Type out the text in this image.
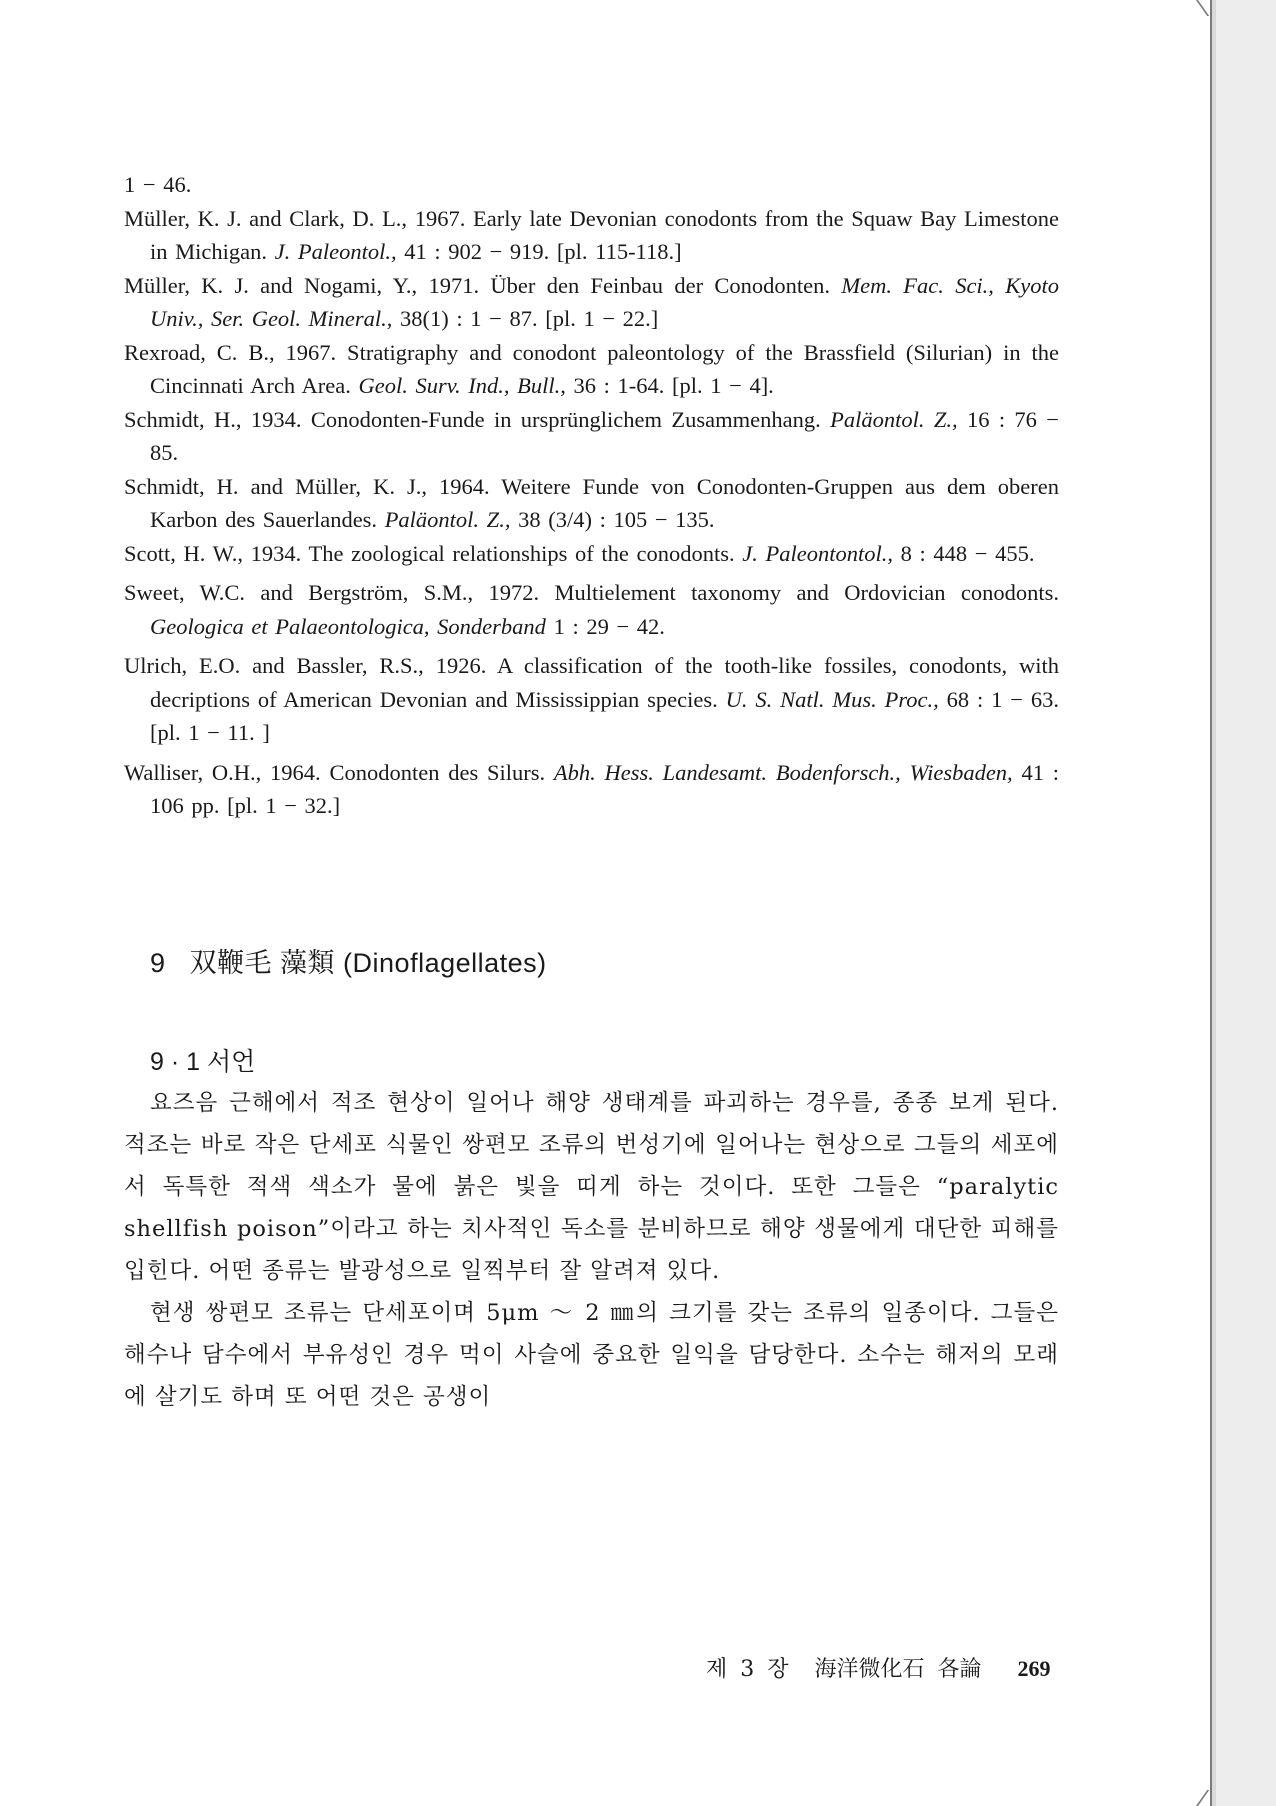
1 − 46.
Müller, K. J. and Clark, D. L., 1967. Early late Devonian conodonts from the Squaw Bay Limestone in Michigan. J. Paleontol., 41 : 902 − 919. [pl. 115-118.]
Müller, K. J. and Nogami, Y., 1971. Über den Feinbau der Conodonten. Mem. Fac. Sci., Kyoto Univ., Ser. Geol. Mineral., 38(1) : 1 − 87. [pl. 1 − 22.]
Rexroad, C. B., 1967. Stratigraphy and conodont paleontology of the Brassfield (Silurian) in the Cincinnati Arch Area. Geol. Surv. Ind., Bull., 36 : 1-64. [pl. 1 − 4].
Schmidt, H., 1934. Conodonten-Funde in ursprünglichem Zusammenhang. Paläontol. Z., 16 : 76 − 85.
Schmidt, H. and Müller, K. J., 1964. Weitere Funde von Conodonten-Gruppen aus dem oberen Karbon des Sauerlandes. Paläontol. Z., 38 (3/4) : 105 − 135.
Scott, H. W., 1934. The zoological relationships of the conodonts. J. Paleontontol., 8 : 448 − 455.
Sweet, W.C. and Bergström, S.M., 1972. Multielement taxonomy and Ordovician conodonts. Geologica et Palaeontologica, Sonderband 1 : 29 − 42.
Ulrich, E.O. and Bassler, R.S., 1926. A classification of the tooth-like fossiles, conodonts, with decriptions of American Devonian and Mississippian species. U. S. Natl. Mus. Proc., 68 : 1 − 63. [pl. 1 − 11. ]
Walliser, O.H., 1964. Conodonten des Silurs. Abh. Hess. Landesamt. Bodenforsch., Wiesbaden, 41 : 106 pp. [pl. 1 − 32.]
9 双鞭毛 藻類 (Dinoflagellates)
9 · 1 서언

요즈음 근해에서 적조 현상이 일어나 해양 생태계를 파괴하는 경우를, 종종 보게 된다. 적조는 바로 작은 단세포 식물인 쌍편모 조류의 번성기에 일어나는 현상으로 그들의 세포에서 독특한 적색 색소가 물에 붉은 빛을 띠게 하는 것이다. 또한 그들은 “paralytic shellfish poison”이라고 하는 치사적인 독소를 분비하므로 해양 생물에게 대단한 피해를 입힌다. 어떤 종류는 발광성으로 일찍부터 잘 알려져 있다.

현생 쌍편모 조류는 단세포이며 5μm ～ 2 ㎜의 크기를 갖는 조류의 일종이다. 그들은 해수나 담수에서 부유성인 경우 먹이 사슬에 중요한 일익을 담당한다. 소수는 해저의 모래에 살기도 하며 또 어떤 것은 공생이

제 3 장 海洋微化石 各論 269
